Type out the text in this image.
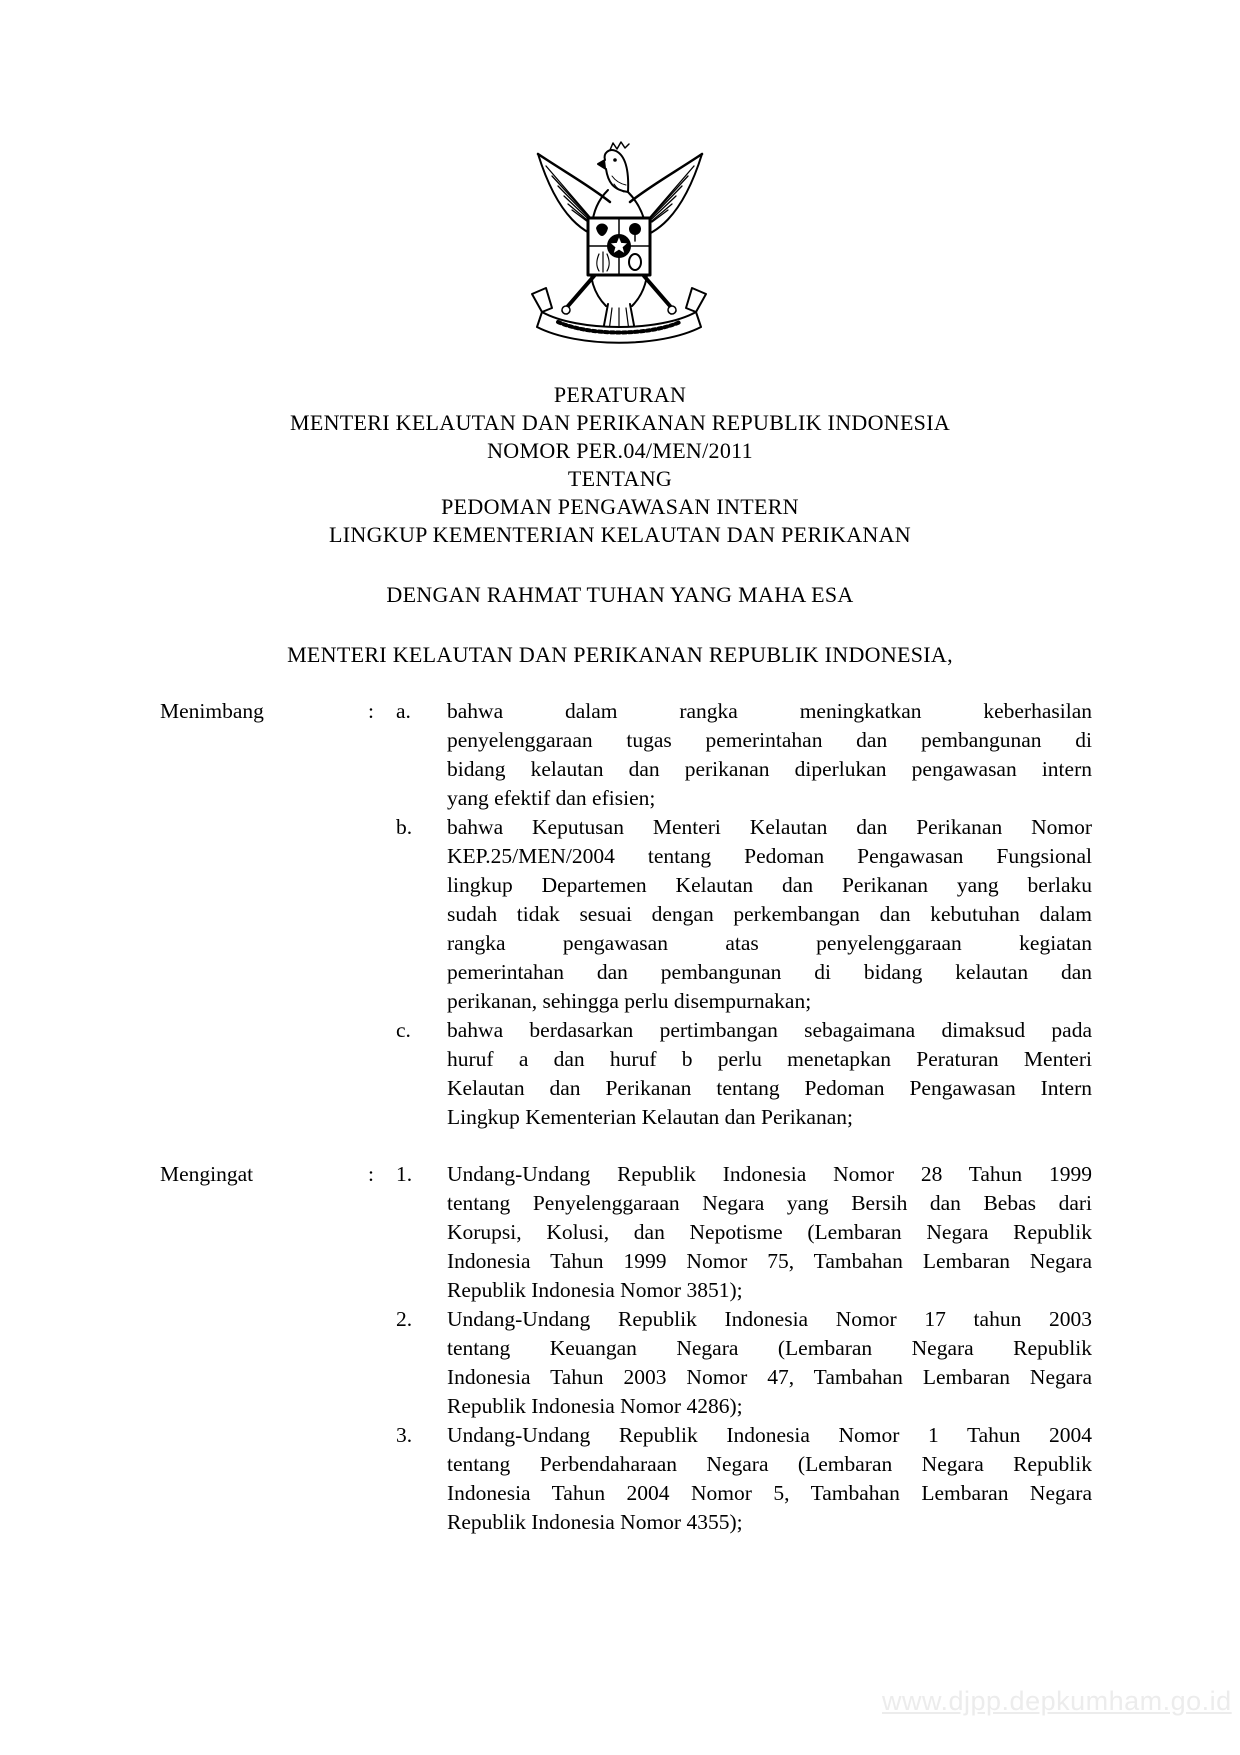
PERATURAN
MENTERI KELAUTAN DAN PERIKANAN REPUBLIK INDONESIA
NOMOR PER.04/MEN/2011
TENTANG
PEDOMAN PENGAWASAN INTERN
LINGKUP KEMENTERIAN KELAUTAN DAN PERIKANAN
DENGAN RAHMAT TUHAN YANG MAHA ESA
MENTERI KELAUTAN DAN PERIKANAN REPUBLIK INDONESIA,
Menimbang	:	a.	bahwa dalam rangka meningkatkan keberhasilan
penyelenggaraan tugas pemerintahan dan pembangunan di
bidang kelautan dan perikanan diperlukan pengawasan intern
yang efektif dan efisien;
b.	bahwa Keputusan Menteri Kelautan dan Perikanan Nomor
KEP.25/MEN/2004 tentang Pedoman Pengawasan Fungsional
lingkup Departemen Kelautan dan Perikanan yang berlaku
sudah tidak sesuai dengan perkembangan dan kebutuhan dalam
rangka pengawasan atas penyelenggaraan kegiatan
pemerintahan dan pembangunan di bidang kelautan dan
perikanan, sehingga perlu disempurnakan;
c.	bahwa berdasarkan pertimbangan sebagaimana dimaksud pada
huruf a dan huruf b perlu menetapkan Peraturan Menteri
Kelautan dan Perikanan tentang Pedoman Pengawasan Intern
Lingkup Kementerian Kelautan dan Perikanan;
Mengingat	:	1.	Undang-Undang Republik Indonesia Nomor 28 Tahun 1999
tentang Penyelenggaraan Negara yang Bersih dan Bebas dari
Korupsi, Kolusi, dan Nepotisme (Lembaran Negara Republik
Indonesia Tahun 1999 Nomor 75, Tambahan Lembaran Negara
Republik Indonesia Nomor 3851);
2.	Undang-Undang Republik Indonesia Nomor 17 tahun 2003
tentang Keuangan Negara (Lembaran Negara Republik
Indonesia Tahun 2003 Nomor 47, Tambahan Lembaran Negara
Republik Indonesia Nomor 4286);
3.	Undang-Undang Republik Indonesia Nomor 1 Tahun 2004
tentang Perbendaharaan Negara (Lembaran Negara Republik
Indonesia Tahun 2004 Nomor 5, Tambahan Lembaran Negara
Republik Indonesia Nomor 4355);
www.djpp.depkumham.go.id
